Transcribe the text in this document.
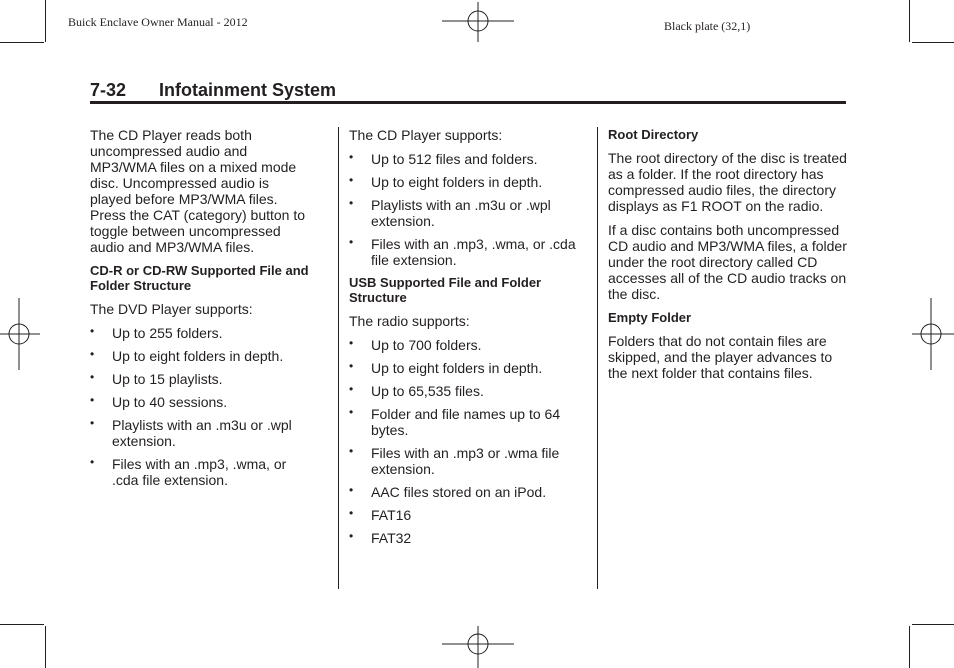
Buick Enclave Owner Manual - 2012	Black plate (32,1)
7-32 Infotainment System

The CD Player reads both uncompressed audio and MP3/WMA files on a mixed mode disc. Uncompressed audio is played before MP3/WMA files. Press the CAT (category) button to toggle between uncompressed audio and MP3/WMA files.

CD-R or CD-RW Supported File and Folder Structure

The DVD Player supports:

• Up to 255 folders.
• Up to eight folders in depth.
• Up to 15 playlists.
• Up to 40 sessions.
• Playlists with an .m3u or .wpl extension.
• Files with an .mp3, .wma, or .cda file extension.

The CD Player supports:

• Up to 512 files and folders.
• Up to eight folders in depth.
• Playlists with an .m3u or .wpl extension.
• Files with an .mp3, .wma, or .cda file extension.
USB Supported File and Folder Structure

The radio supports:

• Up to 700 folders.
• Up to eight folders in depth.
• Up to 65,535 files.
• Folder and file names up to 64 bytes.
• Files with an .mp3 or .wma file extension.
• AAC files stored on an iPod.
• FAT16
• FAT32
Root Directory

The root directory of the disc is treated as a folder. If the root directory has compressed audio files, the directory displays as F1 ROOT on the radio.

If a disc contains both uncompressed CD audio and MP3/WMA files, a folder under the root directory called CD accesses all of the CD audio tracks on the disc.

Empty Folder

Folders that do not contain files are skipped, and the player advances to the next folder that contains files.
